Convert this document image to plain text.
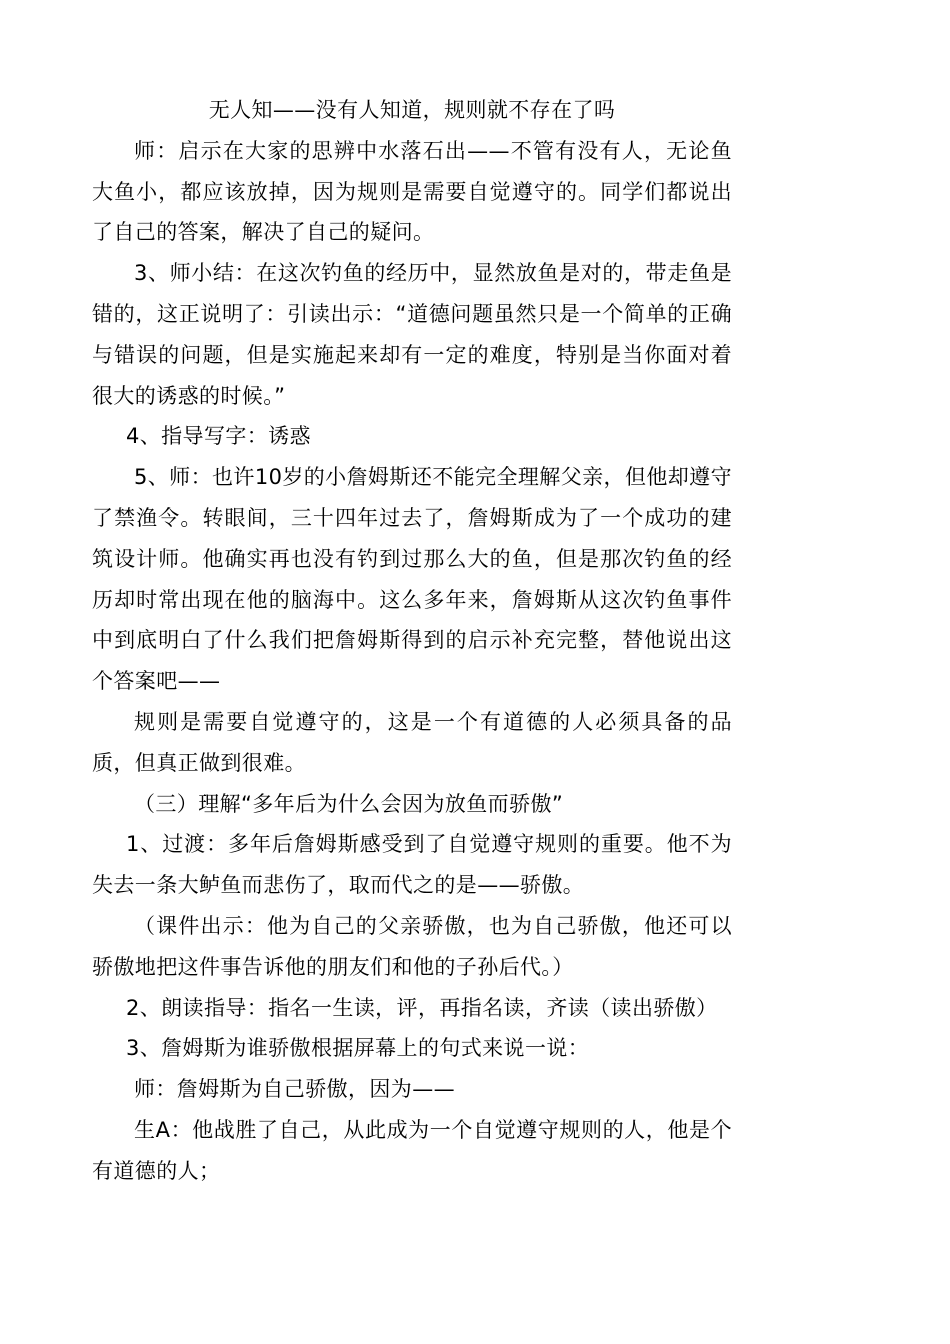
无人知——没有人知道，规则就不存在了吗

师：启示在大家的思辨中水落石出——不管有没有人，无论鱼大鱼小，都应该放掉，因为规则是需要自觉遵守的。同学们都说出了自己的答案，解决了自己的疑问。

3、师小结：在这次钓鱼的经历中，显然放鱼是对的，带走鱼是错的，这正说明了：引读出示：“道德问题虽然只是一个简单的正确与错误的问题，但是实施起来却有一定的难度，特别是当你面对着很大的诱惑的时候。”

4、指导写字：诱惑

5、师：也许10岁的小詹姆斯还不能完全理解父亲，但他却遵守了禁渔令。转眼间，三十四年过去了，詹姆斯成为了一个成功的建筑设计师。他确实再也没有钓到过那么大的鱼，但是那次钓鱼的经历却时常出现在他的脑海中。这么多年来，詹姆斯从这次钓鱼事件中到底明白了什么我们把詹姆斯得到的启示补充完整，替他说出这个答案吧——

规则是需要自觉遵守的，这是一个有道德的人必须具备的品质，但真正做到很难。

（三）理解“多年后为什么会因为放鱼而骄傲”

1、过渡：多年后詹姆斯感受到了自觉遵守规则的重要。他不为失去一条大鲈鱼而悲伤了，取而代之的是——骄傲。

（课件出示：他为自己的父亲骄傲，也为自己骄傲，他还可以骄傲地把这件事告诉他的朋友们和他的子孙后代。）

2、朗读指导：指名一生读，评，再指名读，齐读（读出骄傲）

3、詹姆斯为谁骄傲根据屏幕上的句式来说一说：

师：詹姆斯为自己骄傲，因为——

生A：他战胜了自己，从此成为一个自觉遵守规则的人，他是个有道德的人；
